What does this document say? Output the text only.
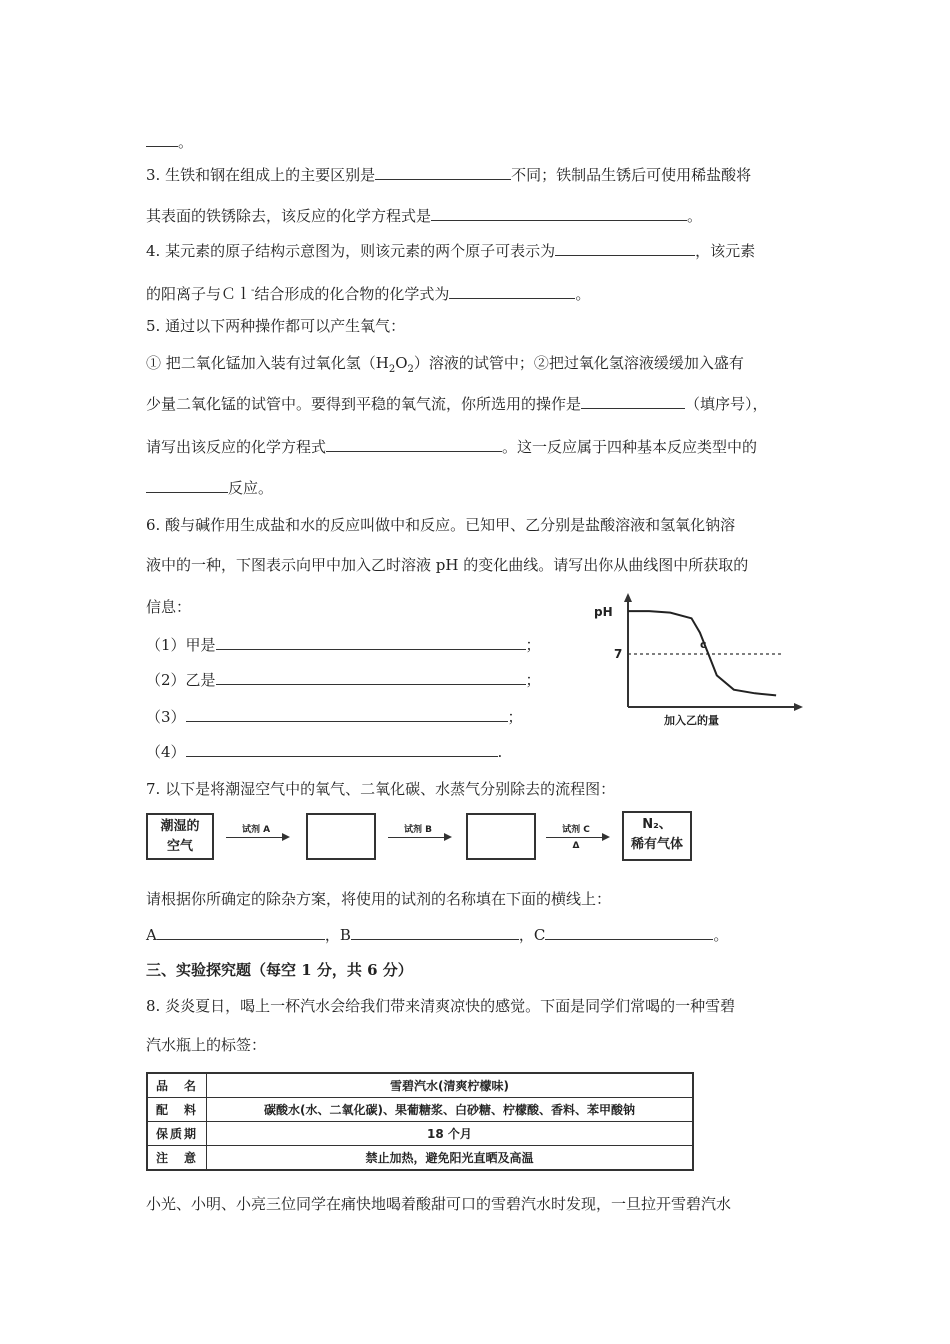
。
3. 生铁和钢在组成上的主要区别是	不同；铁制品生锈后可使用稀盐酸将
其表面的铁锈除去，该反应的化学方程式是	。
4. 某元素的原子结构示意图为，则该元素的两个原子可表示为	，该元素
的阳离子与Ｃｌ-结合形成的化合物的化学式为	。
5. 通过以下两种操作都可以产生氧气：
① 把二氧化锰加入装有过氧化氢$(H_2O_2)$溶液的试管中；②把过氧化氢溶液缓缓加入盛有
少量二氧化锰的试管中。要得到平稳的氧气流，你所选用的操作是	（填序号），
请写出该反应的化学方程式	。这一反应属于四种基本反应类型中的
反应。
6. 酸与碱作用生成盐和水的反应叫做中和反应。已知甲、乙分别是盐酸溶液和氢氧化钠溶
液中的一种，下图表示向甲中加入乙时溶液 pH 的变化曲线。请写出你从曲线图中所获取的
信息：
（1）甲是	；
（2）乙是	；
（3）	；
（4）	.
pH
7
c
加入乙的量
7. 以下是将潮湿空气中的氧气、二氧化碳、水蒸气分别除去的流程图：
潮湿的
空气
试剂 A	试剂 B	试剂 C
Δ
N₂、
稀有气体
请根据你所确定的除杂方案，将使用的试剂的名称填在下面的横线上：
A	，B	，C	。
三、实验探究题（每空 1 分，共 6 分）
8. 炎炎夏日，喝上一杯汽水会给我们带来清爽凉快的感觉。下面是同学们常喝的一种雪碧
汽水瓶上的标签：
品　名	雪碧汽水(清爽柠檬味)
配　料	碳酸水(水、二氧化碳)、果葡糖浆、白砂糖、柠檬酸、香料、苯甲酸钠
保质期	18 个月
注　意	禁止加热，避免阳光直晒及高温
小光、小明、小亮三位同学在痛快地喝着酸甜可口的雪碧汽水时发现，一旦拉开雪碧汽水
